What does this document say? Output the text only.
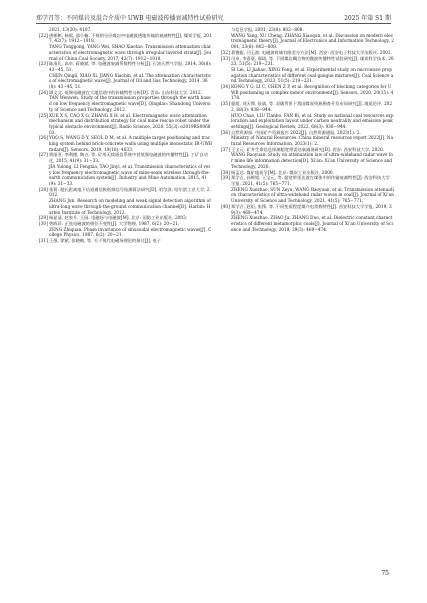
郑学召等：不同煤岩及混合介质中 UWB 电磁波传播衰减特性试验研究	2025 年第 S1 期
2021, 13(20): 4107.
[22] 唐彬彬, 杨熙, 邵小楠. 不规则分层煤岩中电磁波透地传输的衰减特性[J]. 煤炭学报, 2017, 42(7): 1912−1918.
TANG Tonggong, YANG Wei, SHAO Xiaotao. Transmission attenuation characteristics of electromagnetic wave through irregular layered strata[J]. Journal of China Coal Society, 2017, 42(7): 1912−1918.
[23] 陈清礼, 高卓, 蒋晓斌, 等. 电磁波衰减系数特性分析[J]. 石油天然气学报, 2014, 36(8): 43−45, 51.
CHEN Qingli, XIAO Xi, JIANG Xiaobin, et al. The attenuation characteristics of electromagnetic wave[J]. Journal of Oil and Gas Technology, 2014, 36(8): 43−45, 51.
[24] 谭文文. 低频电磁波在大地信道中的传输特性分析[D]. 青岛: 山东科技大学, 2012.
TAN Wenwen. Study of the transmission properties through the earth based on low frequency electromagnetic wave[D]. Qingdao: Shandong University of Science and Technology, 2012.
[25] XUE X S, CAO X G, ZHANG X H, et al. Electromagnetic wave attenuation mechanism and distribution strategy for coal mine rescue robot under the typical obstacle environment[J]. Radio Science, 2020, 55(3): e2019RS006803.
[26] YOO S, WANG D Y, SEOL D M, et al. A multiple target positioning and tracking system behind brick-concrete walls using multiple monostatic IR-UWB radars[J]. Sensors, 2019, 19(18): 4033.
[27] 贾丽亚, 李利德, 陶吉, 等. 矿用无线通信系统中甚低频电磁波的传播特性[J]. 工矿自动化, 2015, 41(9): 31−33.
JIA Yulong, LI Fengxia, TAO Jinyi, et al. Transmission characteristics of very low frequency electromagnetic wave of mine-seam wireless through-the-earth communication system[J]. Industry and Mine Automation, 2015, 41(9): 31−33.
[28] 张莉. 超长距离地下信道通信极低频信号检测算法研究[D]. 哈尔滨: 哈尔滨工业大学, 2012.
ZHANG Jun. Research on modeling and weak signal detection algorithm of ultra-long wave through-the-ground communication channel[D]. Harbin: Harbin Institute of Technology, 2012.
[29] 杨显清, 赵家升, 王园. 电磁场与电磁波[M]. 北京: 国防工业出版社, 2003.
[30] 曾晖莊. 正弦电磁波的相位不变性[J]. 大学物理, 1987, 6(2): 20−21.
ZENG Zhiquan. Phase invariance of sinusoidal electromagnetic waves[J]. College Physics, 1987, 6(2): 20−21.
[31] 王强, 徐斌, 张晓鹤, 等. 关于现代电磁场理论的探讨[J]. 电子
与信息学报, 2001, 23(8): 802−808.
WANG Yang, XU Cheng, ZHANG Xiaoqun, et al. Discussion on modern electromagnetic theory[J]. Journal of Electronics and Information Technology, 2001, 23(8): 802−808.
[32] 葛德彪, 闫玉波. 电磁波时域有限差分方法[M]. 西安: 西安电子科技大学出版社, 2002.
[33] 司卓, 李嘉豪, 邢琦, 等. 不同煤岩耦合物的微波传播特性试验研究[J]. 煤炭科学技术, 2023, 51(5): 219−231.
SI Lei, LI Jiahao, XING Feng, et al. Experimental study on microwave propagation characteristics of different coal-gangue mixtures[J]. Coal Science and Technology, 2023, 51(5): 219−231.
[34] KONG Y G, LI C, CHEN Z P, et al. Recognition of blocking categories for UWB positioning in complex indoor environment[J]. Sensors, 2020, 20(15): 4178.
[35] 霍超, 刘天博, 侯斌, 等. 双碳背景下我国煤炭资源勘查开发布局研究[J]. 地质论评, 2022, 68(3): 938−944.
HUO Chao, LIU Tianbo, FAN Bi, et al. Study on national coal resources exploration and exploitation layout under carbon neutrality and emission peak settings[J]. Geological Review, 2022, 68(3): 938−944.
[36] 自然资源部. 中国矿产资源报告 2022[J]. 自然资源通报, 2023(1): 2.
Ministry of Natural Resources. China mineral resources report 2022[J]. Natural Resources Information, 2023(1): 2.
[37] 王宝元. 矿井生命信息探测超宽带雷达衰减现研究[D]. 西安: 西安科技大学, 2020.
WANG Baoyuan. Study on attenuation law of ultra-wideband radar wave for mine life information detection[D]. Xi’an: Xi’an University of Science and Technology, 2020.
[38] 杨孟达. 煤矿地质学[M]. 北京: 煤炭工业出版社, 2000.
[39] 郑学召, 孙晔韬, 王宝元, 等. 超宽带雷达波在煤体中的传输衰减特性[J]. 西安科技大学学报, 2021, 41(5): 765−771.
ZHENG Xuezhao, SUN Zeyu, WANG Baoyuan, et al. Transmission attenuation characteristics of ultra-wideband radar waves in coal[J]. Journal of Xi’an University of Science and Technology, 2021, 41(5): 765−771.
[40] 郑学召, 赵炬, 张锋, 等. 不同变质程度煤介电常数特性[J]. 西安科技大学学报, 2019, 39(3): 469−474.
ZHENG Xuezhao, ZHAO Ju, ZHANG Duo, et al. Dielectric constant characteristics of different metamorphic coals[J]. Journal of Xi’an University of Science and Technology, 2019, 39(3): 469−474.
75
